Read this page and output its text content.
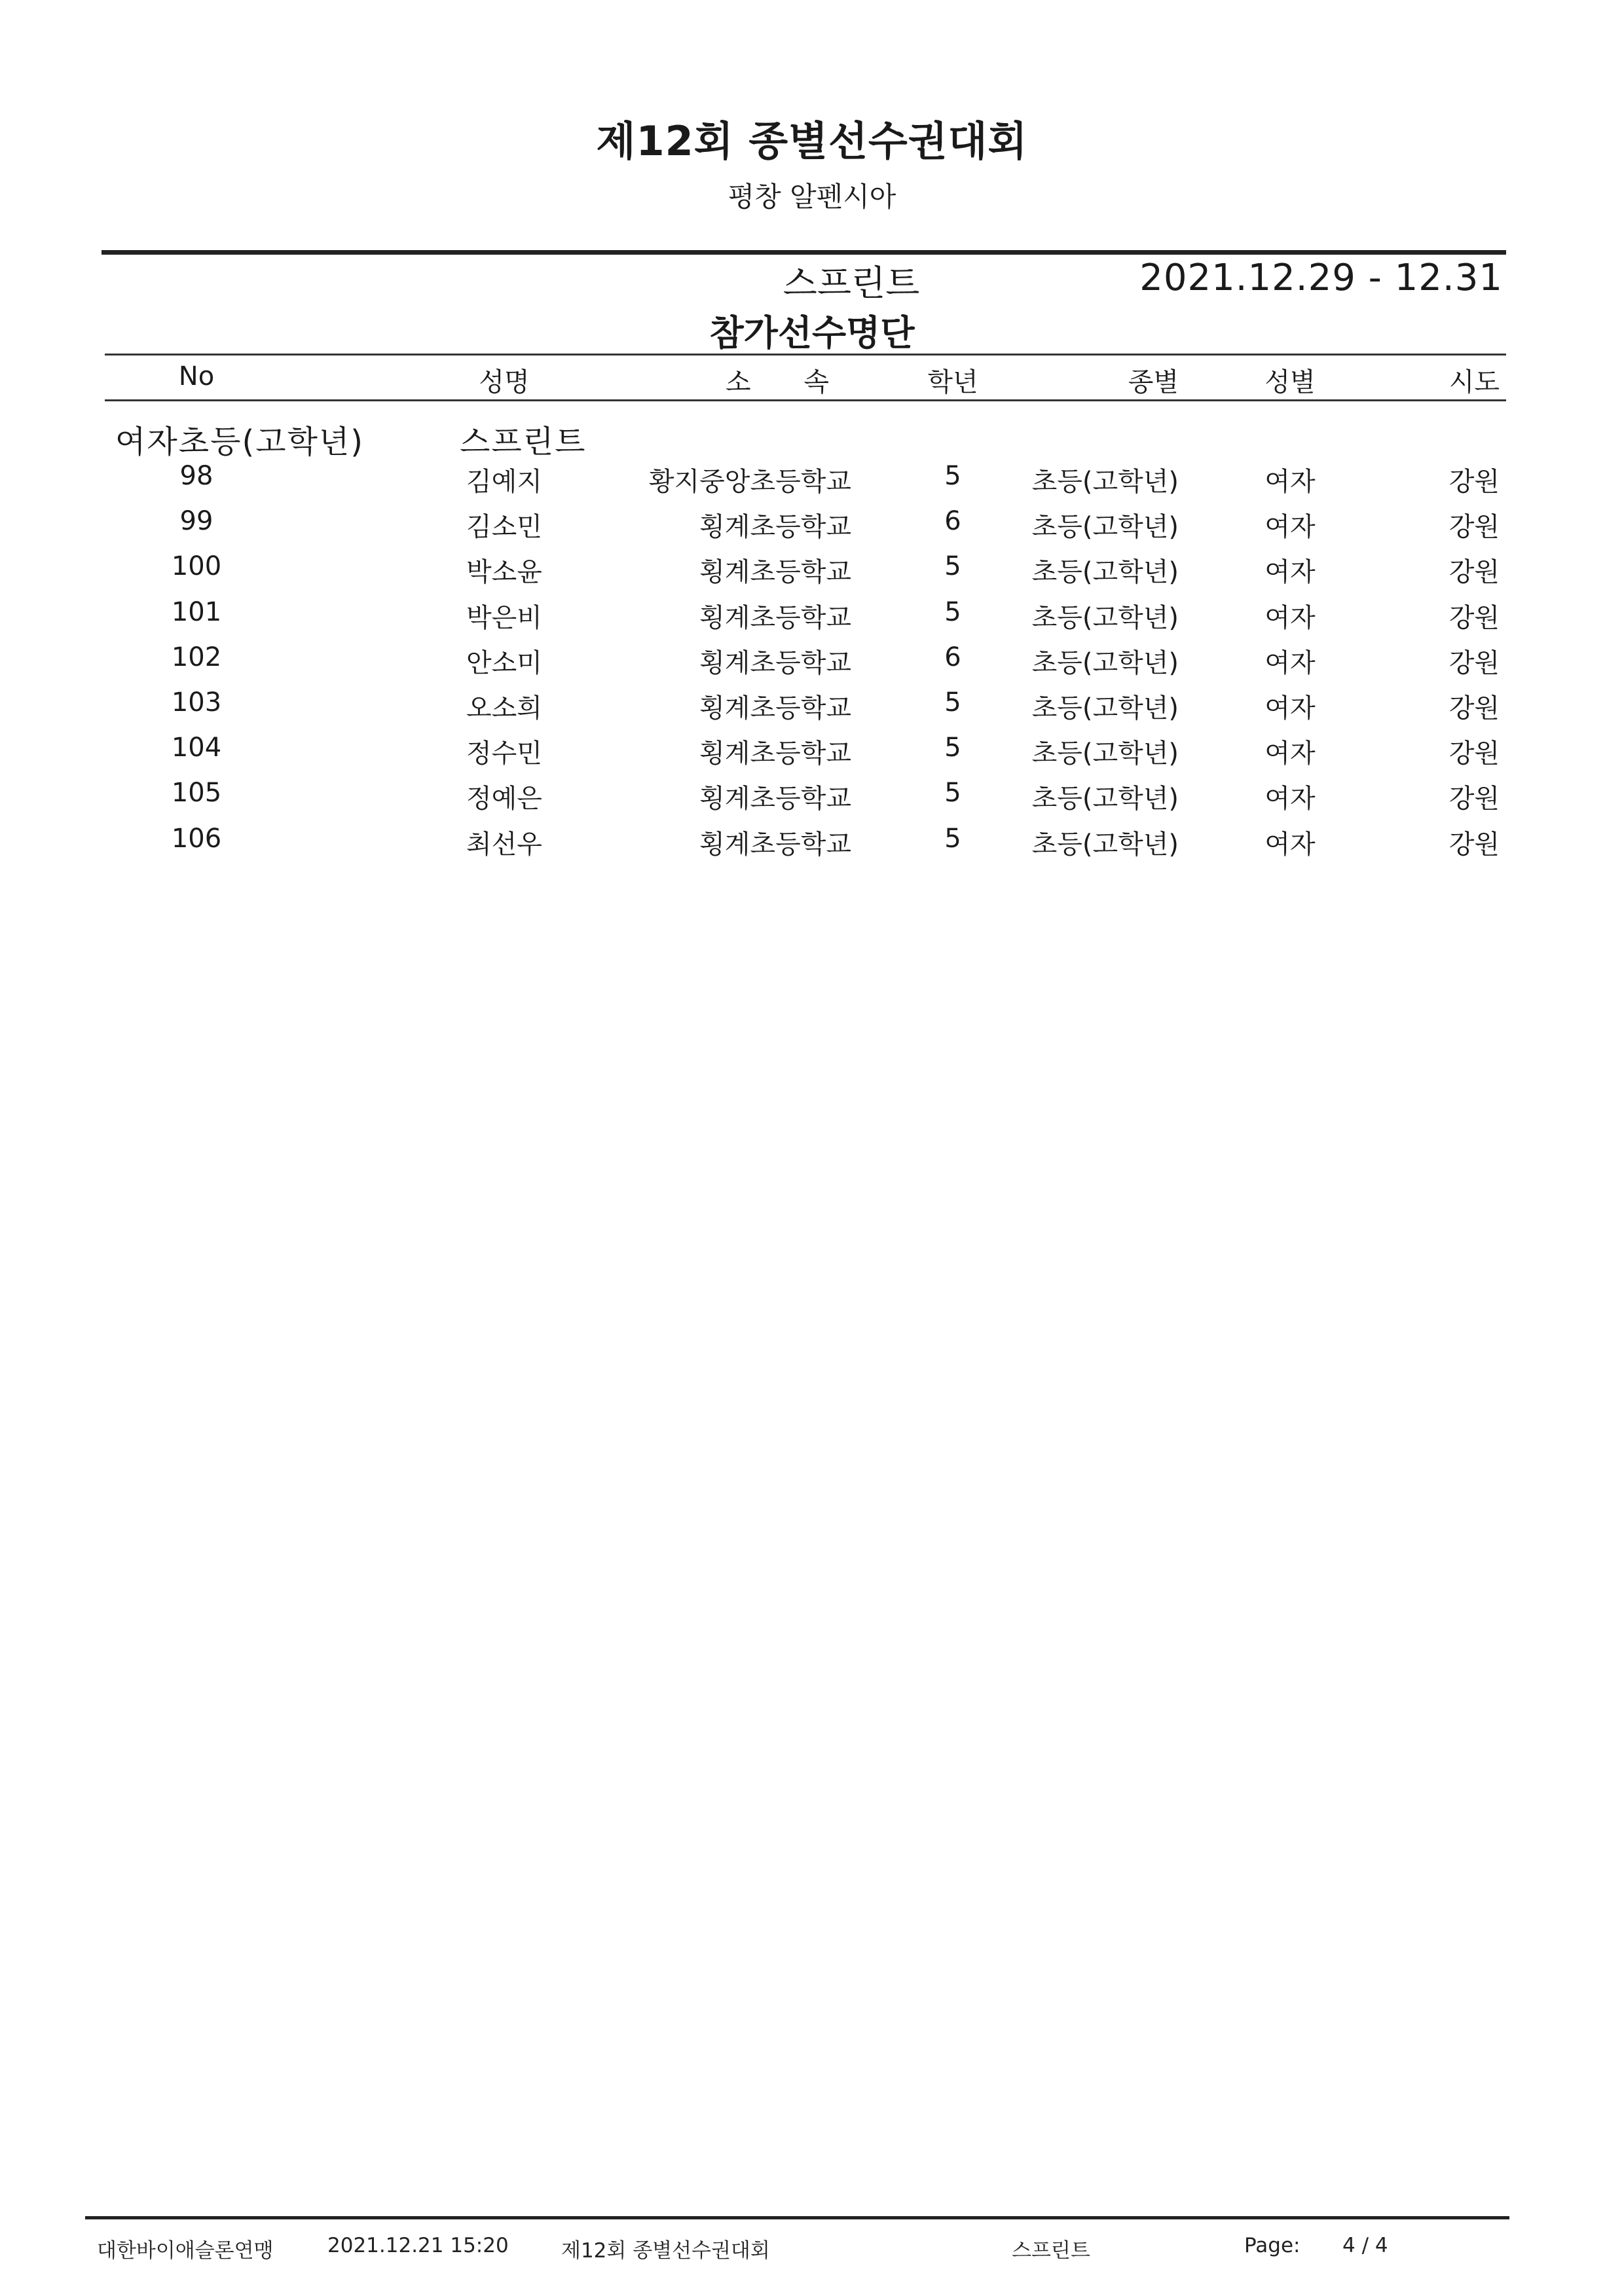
제12회 종별선수권대회
평창 알펜시아
스프린트	2021.12.29 - 12.31
참가선수명단
No	성명	소 속	학년	종별	성별	시도
여자초등(고학년)	스프린트
98	김예지	황지중앙초등학교	5	초등(고학년)	여자	강원
99	김소민	횡계초등학교	6	초등(고학년)	여자	강원
100	박소윤	횡계초등학교	5	초등(고학년)	여자	강원
101	박은비	횡계초등학교	5	초등(고학년)	여자	강원
102	안소미	횡계초등학교	6	초등(고학년)	여자	강원
103	오소희	횡계초등학교	5	초등(고학년)	여자	강원
104	정수민	횡계초등학교	5	초등(고학년)	여자	강원
105	정예은	횡계초등학교	5	초등(고학년)	여자	강원
106	최선우	횡계초등학교	5	초등(고학년)	여자	강원
대한바이애슬론연맹	2021.12.21 15:20	제12회 종별선수권대회	스프린트	Page: 4 / 4
